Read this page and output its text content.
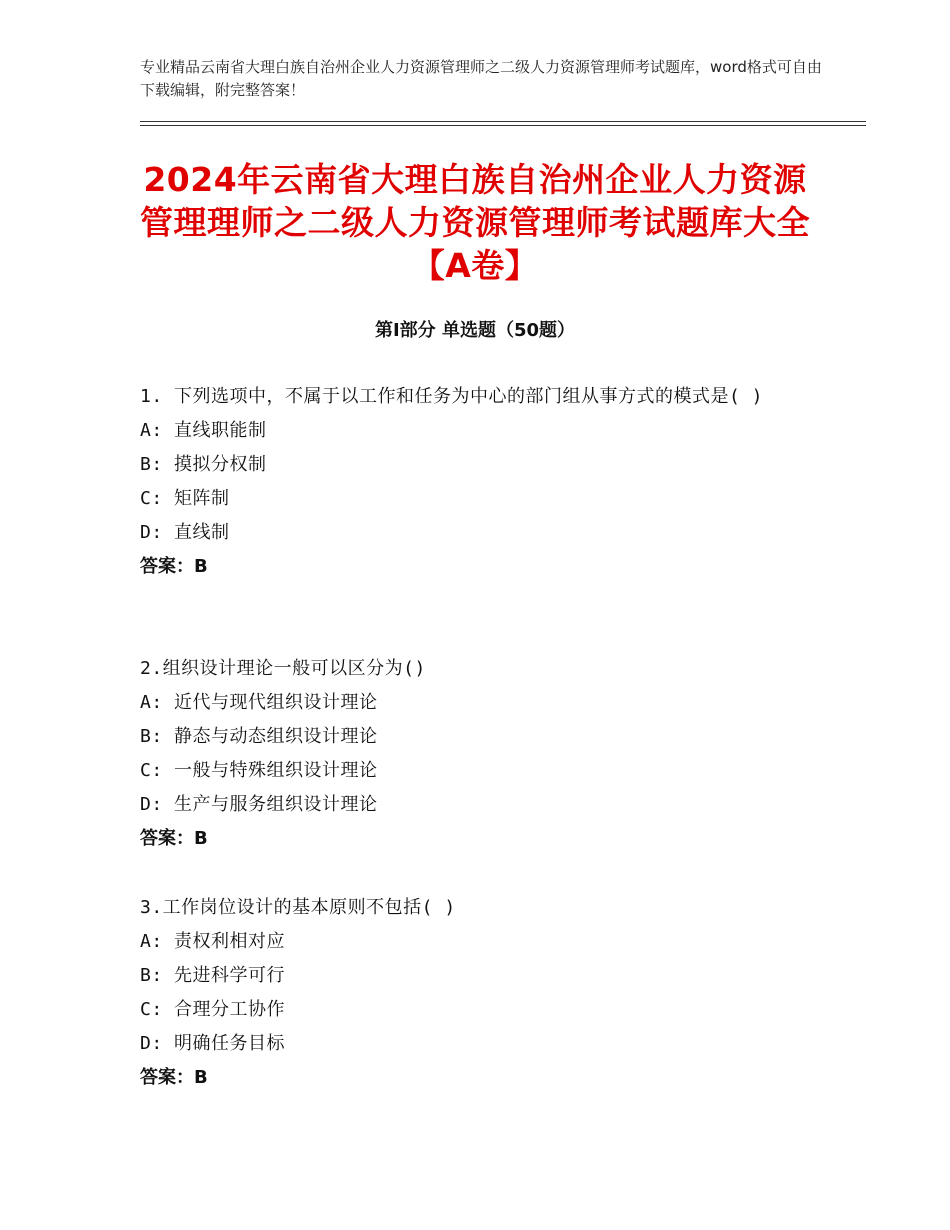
专业精品云南省大理白族自治州企业人力资源管理师之二级人力资源管理师考试题库，word格式可自由下载编辑，附完整答案！
2024年云南省大理白族自治州企业人力资源
管理理师之二级人力资源管理师考试题库大全
【A卷】
第Ⅰ部分 单选题（50题）
1. 下列选项中，不属于以工作和任务为中心的部门组从事方式的模式是( )
A: 直线职能制
B: 摸拟分权制
C: 矩阵制
D: 直线制
答案：B
2.组织设计理论一般可以区分为()
A: 近代与现代组织设计理论
B: 静态与动态组织设计理论
C: 一般与特殊组织设计理论
D: 生产与服务组织设计理论
答案：B
3.工作岗位设计的基本原则不包括( )
A: 责权利相对应
B: 先进科学可行
C: 合理分工协作
D: 明确任务目标
答案：B
